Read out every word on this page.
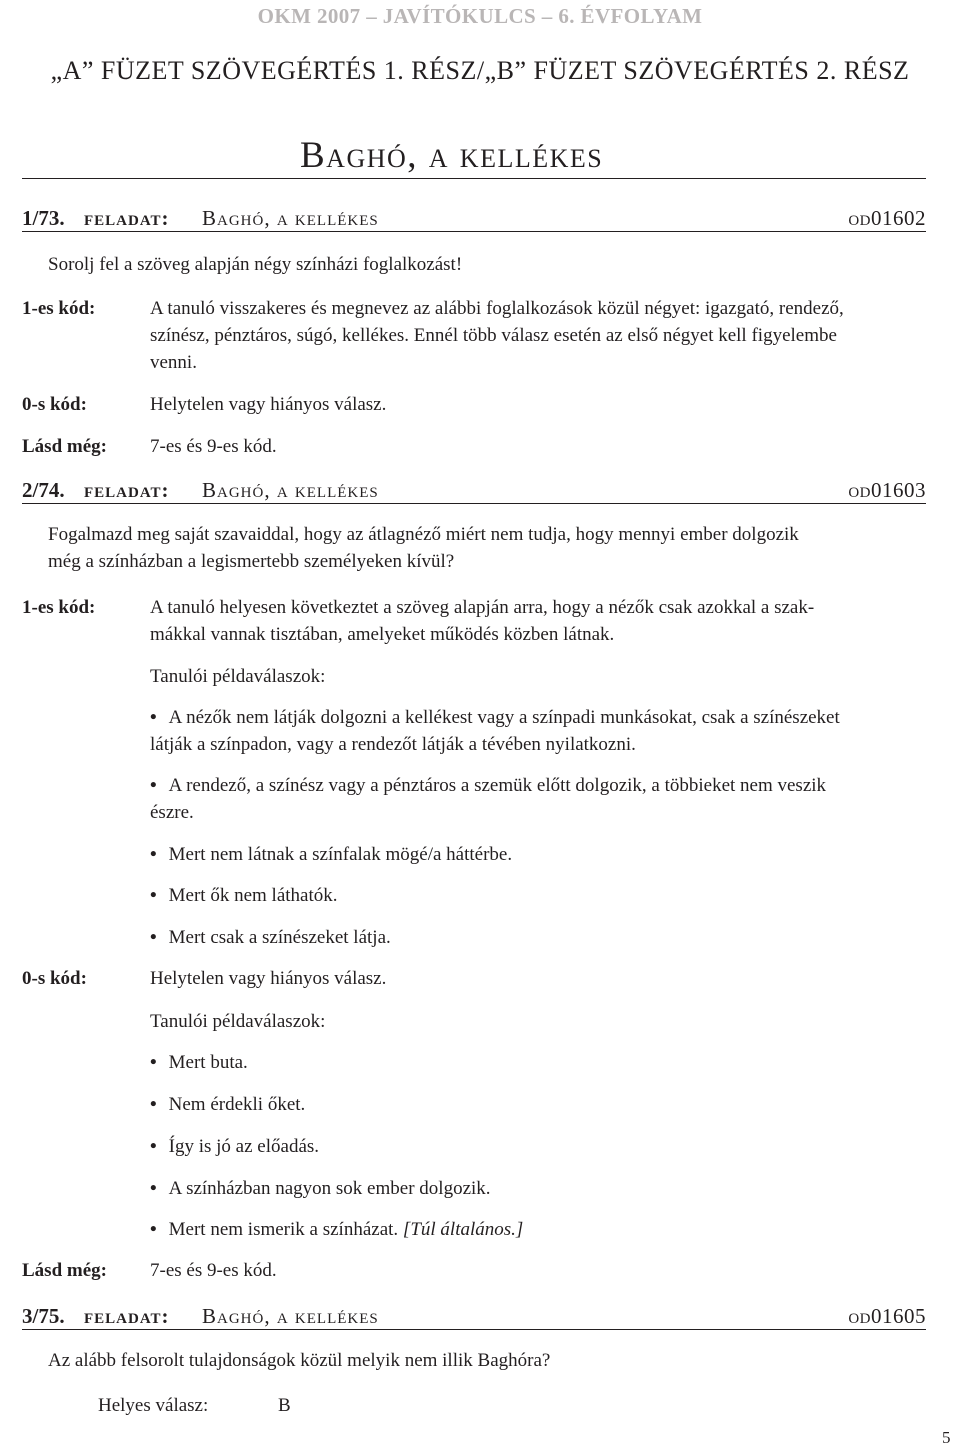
OKM 2007 – JAVÍTÓKULCS – 6. ÉVFOLYAM
„A” FÜZET SZÖVEGÉRTÉS 1. RÉSZ/„B” FÜZET SZÖVEGÉRTÉS 2. RÉSZ
Baghó, a kellékes
1/73. feladat: Baghó, a kellékes	od01602
Sorolj fel a szöveg alapján négy színházi foglalkozást!
1-es kód:	A tanuló visszakeres és megnevez az alábbi foglalkozások közül négyet: igazgató, rendező,
színész, pénztáros, súgó, kellékes. Ennél több válasz esetén az első négyet kell figyelembe
venni.
0-s kód:	Helytelen vagy hiányos válasz.
Lásd még: 7-es és 9-es kód.
2/74. feladat: Baghó, a kellékes	od01603
Fogalmazd meg saját szavaiddal, hogy az átlagnéző miért nem tudja, hogy mennyi ember dolgozik
még a színházban a legismertebb személyeken kívül?
1-es kód:	A tanuló helyesen következtet a szöveg alapján arra, hogy a nézők csak azokkal a szak-
mákkal vannak tisztában, amelyeket működés közben látnak.
Tanulói példaválaszok:
• A nézők nem látják dolgozni a kellékest vagy a színpadi munkásokat, csak a színészeket
látják a színpadon, vagy a rendezőt látják a tévében nyilatkozni.
• A rendező, a színész vagy a pénztáros a szemük előtt dolgozik, a többieket nem veszik
észre.
• Mert nem látnak a színfalak mögé/a háttérbe.
• Mert ők nem láthatók.
• Mert csak a színészeket látja.
0-s kód:	Helytelen vagy hiányos válasz.
Tanulói példaválaszok:
• Mert buta.
• Nem érdekli őket.
• Így is jó az előadás.
• A színházban nagyon sok ember dolgozik.
• Mert nem ismerik a színházat. [Túl általános.]
Lásd még: 7-es és 9-es kód.
3/75. feladat: Baghó, a kellékes	od01605
Az alább felsorolt tulajdonságok közül melyik nem illik Baghóra?
Helyes válasz:	B
5
